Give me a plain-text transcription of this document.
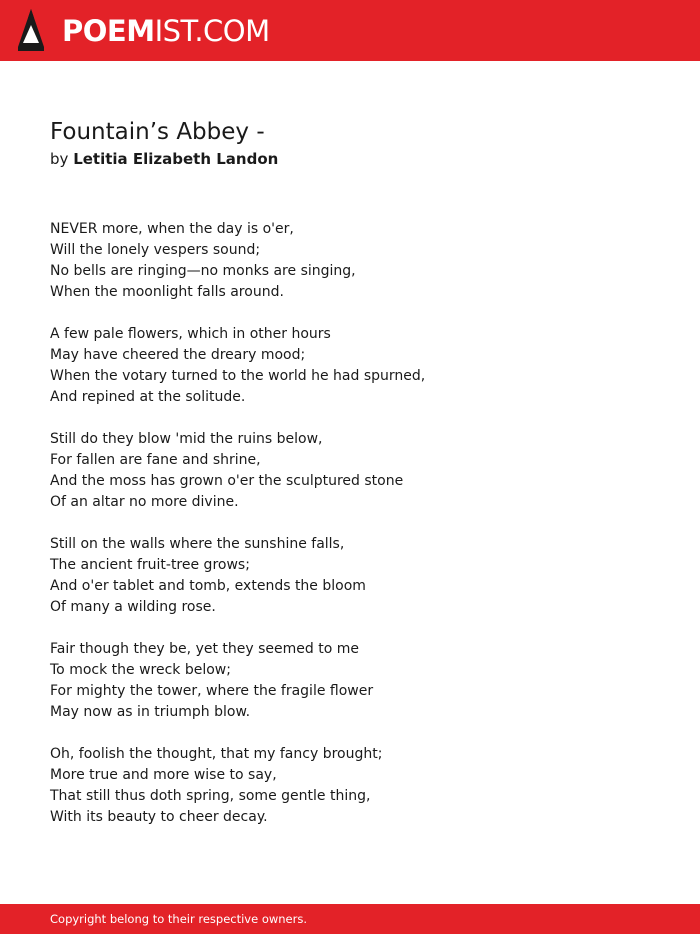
POEMIST.COM
Fountain’s Abbey -
by Letitia Elizabeth Landon
NEVER more, when the day is o'er,
Will the lonely vespers sound;
No bells are ringing—no monks are singing,
When the moonlight falls around.
A few pale flowers, which in other hours
May have cheered the dreary mood;
When the votary turned to the world he had spurned,
And repined at the solitude.
Still do they blow 'mid the ruins below,
For fallen are fane and shrine,
And the moss has grown o'er the sculptured stone
Of an altar no more divine.
Still on the walls where the sunshine falls,
The ancient fruit-tree grows;
And o'er tablet and tomb, extends the bloom
Of many a wilding rose.
Fair though they be, yet they seemed to me
To mock the wreck below;
For mighty the tower, where the fragile flower
May now as in triumph blow.
Oh, foolish the thought, that my fancy brought;
More true and more wise to say,
That still thus doth spring, some gentle thing,
With its beauty to cheer decay.
Copyright belong to their respective owners.
